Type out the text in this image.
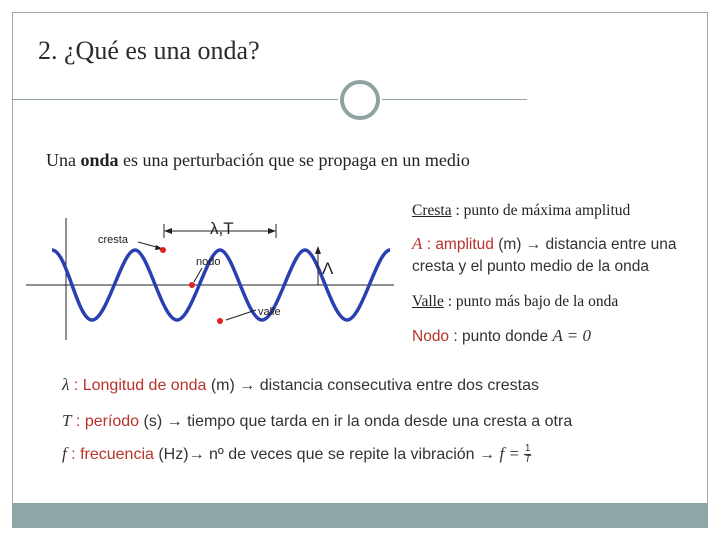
2. ¿Qué es una onda?
Una onda es una perturbación que se propaga en un medio
λ,T
Λ
cresta
nodo
valle
Cresta : punto de máxima amplitud
A : amplitud (m) → distancia entre una cresta y el punto medio de la onda
Valle : punto más bajo de la onda
Nodo : punto donde A = 0
λ : Longitud de onda (m) → distancia consecutiva entre dos crestas
T : período (s) → tiempo que tarda en ir la onda desde una cresta a otra
f : frecuencia (Hz)→ nº de veces que se repite la vibración → $f = \frac{1}{T}$
